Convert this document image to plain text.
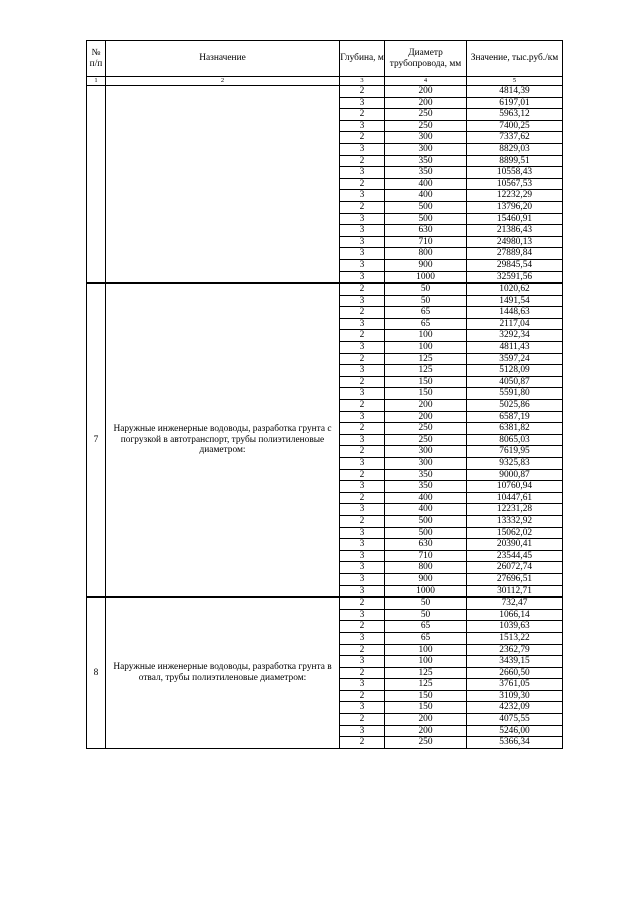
№ п/п	Назначение	Глубина, м	Диаметр трубопровода, мм	Значение, тыс.руб./км
1	2	3	4	5
		2	200	4814,39
		3	200	6197,01
		2	250	5963,12
		3	250	7400,25
		2	300	7337,62
		3	300	8829,03
		2	350	8899,51
		3	350	10558,43
		2	400	10567,53
		3	400	12232,29
		2	500	13796,20
		3	500	15460,91
		3	630	21386,43
		3	710	24980,13
		3	800	27889,84
		3	900	29845,54
		3	1000	32591,56
7	Наружные инженерные водоводы, разработка грунта с погрузкой в автотранспорт, трубы полиэтиленовые диаметром:	2	50	1020,62
		3	50	1491,54
		2	65	1448,63
		3	65	2117,04
		2	100	3292,34
		3	100	4811,43
		2	125	3597,24
		3	125	5128,09
		2	150	4050,87
		3	150	5591,80
		2	200	5025,86
		3	200	6587,19
		2	250	6381,82
		3	250	8065,03
		2	300	7619,95
		3	300	9325,83
		2	350	9000,87
		3	350	10760,94
		2	400	10447,61
		3	400	12231,28
		2	500	13332,92
		3	500	15062,02
		3	630	20390,41
		3	710	23544,45
		3	800	26072,74
		3	900	27696,51
		3	1000	30112,71
8	Наружные инженерные водоводы, разработка грунта в отвал, трубы полиэтиленовые диаметром:	2	50	732,47
		3	50	1066,14
		2	65	1039,63
		3	65	1513,22
		2	100	2362,79
		3	100	3439,15
		2	125	2660,50
		3	125	3761,05
		2	150	3109,30
		3	150	4232,09
		2	200	4075,55
		3	200	5246,00
		2	250	5366,34
